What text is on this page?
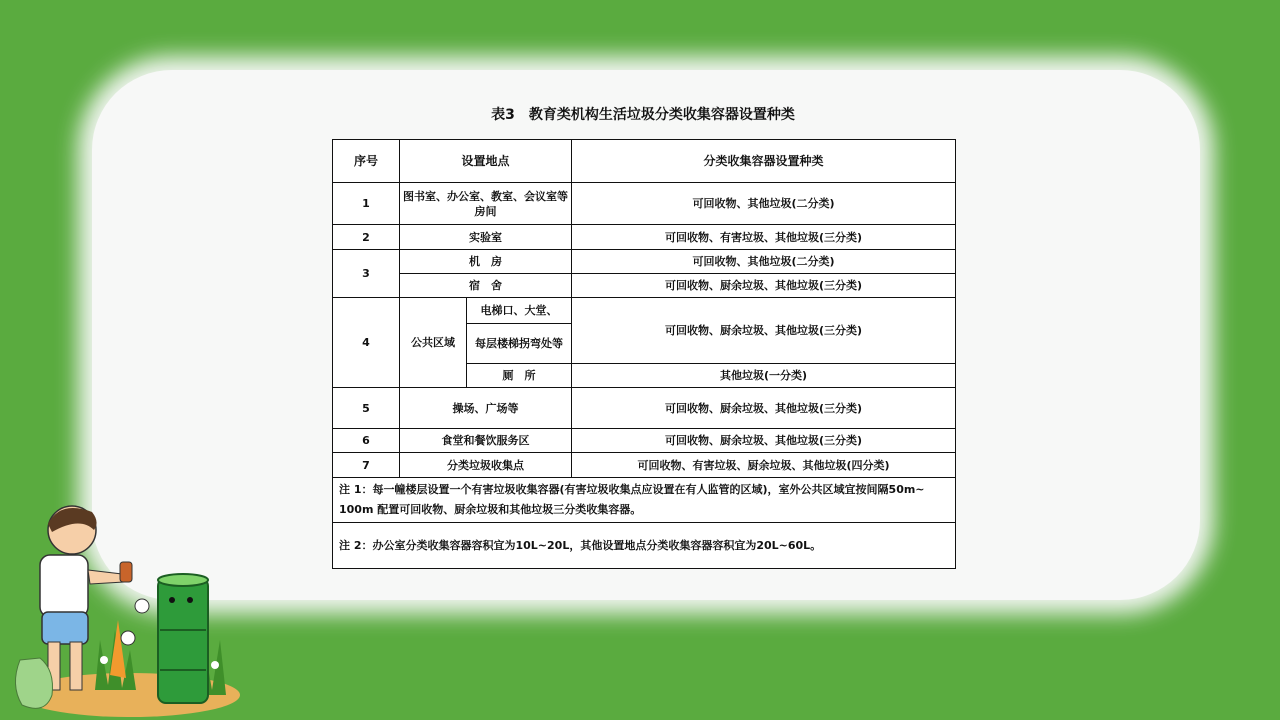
表3　教育类机构生活垃圾分类收集容器设置种类
序号	设置地点		分类收集容器设置种类
1	图书室、办公室、教室、会议室等房间		可回收物、其他垃圾(二分类)
2	实验室		可回收物、有害垃圾、其他垃圾(三分类)
3	机　房		可回收物、其他垃圾(二分类)
	宿　舍		可回收物、厨余垃圾、其他垃圾(三分类)
4	公共区域	电梯口、大堂、	可回收物、厨余垃圾、其他垃圾(三分类)
		每层楼梯拐弯处等	
		厕　所	其他垃圾(一分类)
5	操场、广场等		可回收物、厨余垃圾、其他垃圾(三分类)
6	食堂和餐饮服务区		可回收物、厨余垃圾、其他垃圾(三分类)
7	分类垃圾收集点		可回收物、有害垃圾、厨余垃圾、其他垃圾(四分类)
注 1：每一幢楼层设置一个有害垃圾收集容器(有害垃圾收集点应设置在有人监管的区域)，室外公共区域宜按间隔50m~ 100m 配置可回收物、厨余垃圾和其他垃圾三分类收集容器。			
注 2：办公室分类收集容器容积宜为10L~20L，其他设置地点分类收集容器容积宜为20L~60L。			
